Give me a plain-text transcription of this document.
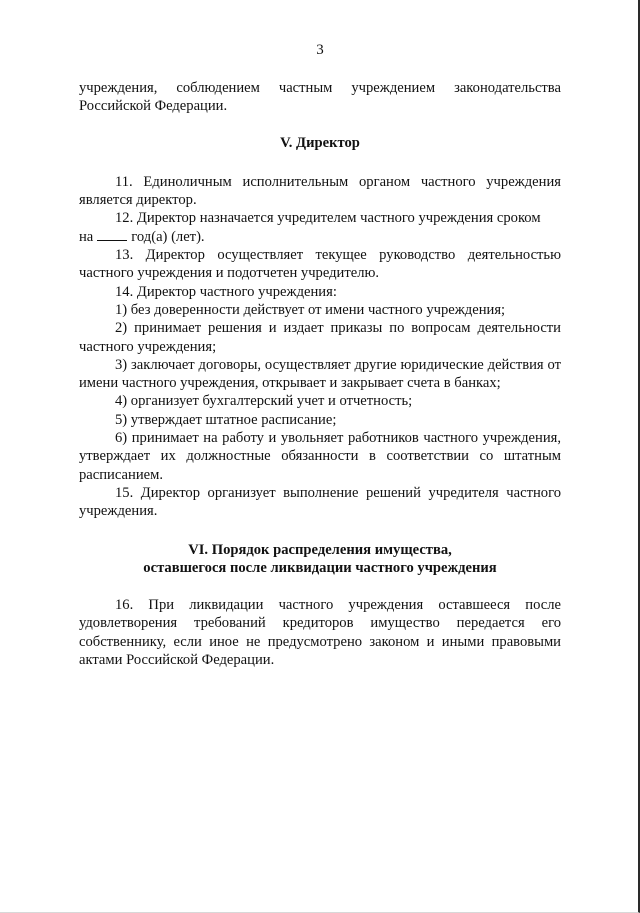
3

учреждения, соблюдением частным учреждением законодательства Российской Федерации.

V. Директор

11. Единоличным исполнительным органом частного учреждения является директор.

12. Директор назначается учредителем частного учреждения сроком
на	год(а) (лет).

13. Директор осуществляет текущее руководство деятельностью частного учреждения и подотчетен учредителю.

14. Директор частного учреждения:

1) без доверенности действует от имени частного учреждения;

2) принимает решения и издает приказы по вопросам деятельности частного учреждения;

3) заключает договоры, осуществляет другие юридические действия от имени частного учреждения, открывает и закрывает счета в банках;

4) организует бухгалтерский учет и отчетность;

5) утверждает штатное расписание;

6) принимает на работу и увольняет работников частного учреждения, утверждает их должностные обязанности в соответствии со штатным расписанием.

15. Директор организует выполнение решений учредителя частного учреждения.

VI. Порядок распределения имущества,

оставшегося после ликвидации частного учреждения

16. При ликвидации частного учреждения оставшееся после удовлетворения требований кредиторов имущество передается его собственнику, если иное не предусмотрено законом и иными правовыми актами Российской Федерации.
